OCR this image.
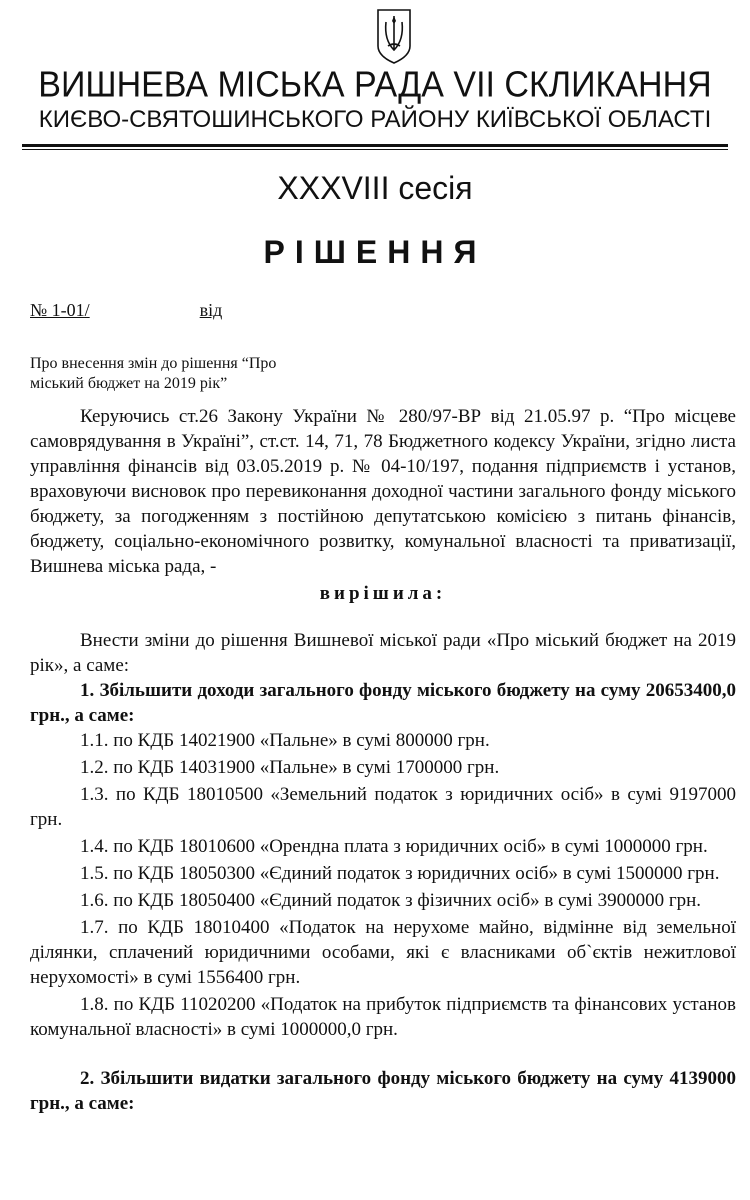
ВИШНЕВА МІСЬКА РАДА VII СКЛИКАННЯ
КИЄВО-СВЯТОШИНСЬКОГО РАЙОНУ КИЇВСЬКОЇ ОБЛАСТІ
XXXVIII сесія
РІШЕННЯ
№ 1-01/	від
Про внесення змін до рішення “Про
міський бюджет на 2019 рік”

Керуючись ст.26 Закону України № 280/97-ВР від 21.05.97 р. “Про місцеве самоврядування в Україні”, ст.ст. 14, 71, 78 Бюджетного кодексу України, згідно листа управління фінансів від 03.05.2019 р. № 04-10/197, подання підприємств і установ, враховуючи висновок про перевиконання доходної частини загального фонду міського бюджету, за погодженням з постійною депутатською комісією з питань фінансів, бюджету, соціально-економічного розвитку, комунальної власності та приватизації, Вишнева міська рада, -

вирішила:

Внести зміни до рішення Вишневої міської ради «Про міський бюджет на 2019 рік», а саме:

1. Збільшити доходи загального фонду міського бюджету на суму 20653400,0 грн., а саме:

1.1. по КДБ 14021900 «Пальне» в сумі 800000 грн.

1.2. по КДБ 14031900 «Пальне» в сумі 1700000 грн.

1.3. по КДБ 18010500 «Земельний податок з юридичних осіб» в сумі 9197000 грн.

1.4. по КДБ 18010600 «Орендна плата з юридичних осіб» в сумі 1000000 грн.

1.5. по КДБ 18050300 «Єдиний податок з юридичних осіб» в сумі 1500000 грн.

1.6. по КДБ 18050400 «Єдиний податок з фізичних осіб» в сумі 3900000 грн.

1.7. по КДБ 18010400 «Податок на нерухоме майно, відмінне від земельної ділянки, сплачений юридичними особами, які є власниками об`єктів нежитлової нерухомості» в сумі 1556400 грн.

1.8. по КДБ 11020200 «Податок на прибуток підприємств та фінансових установ комунальної власності» в сумі 1000000,0 грн.

2. Збільшити видатки загального фонду міського бюджету на суму 4139000 грн., а саме:
